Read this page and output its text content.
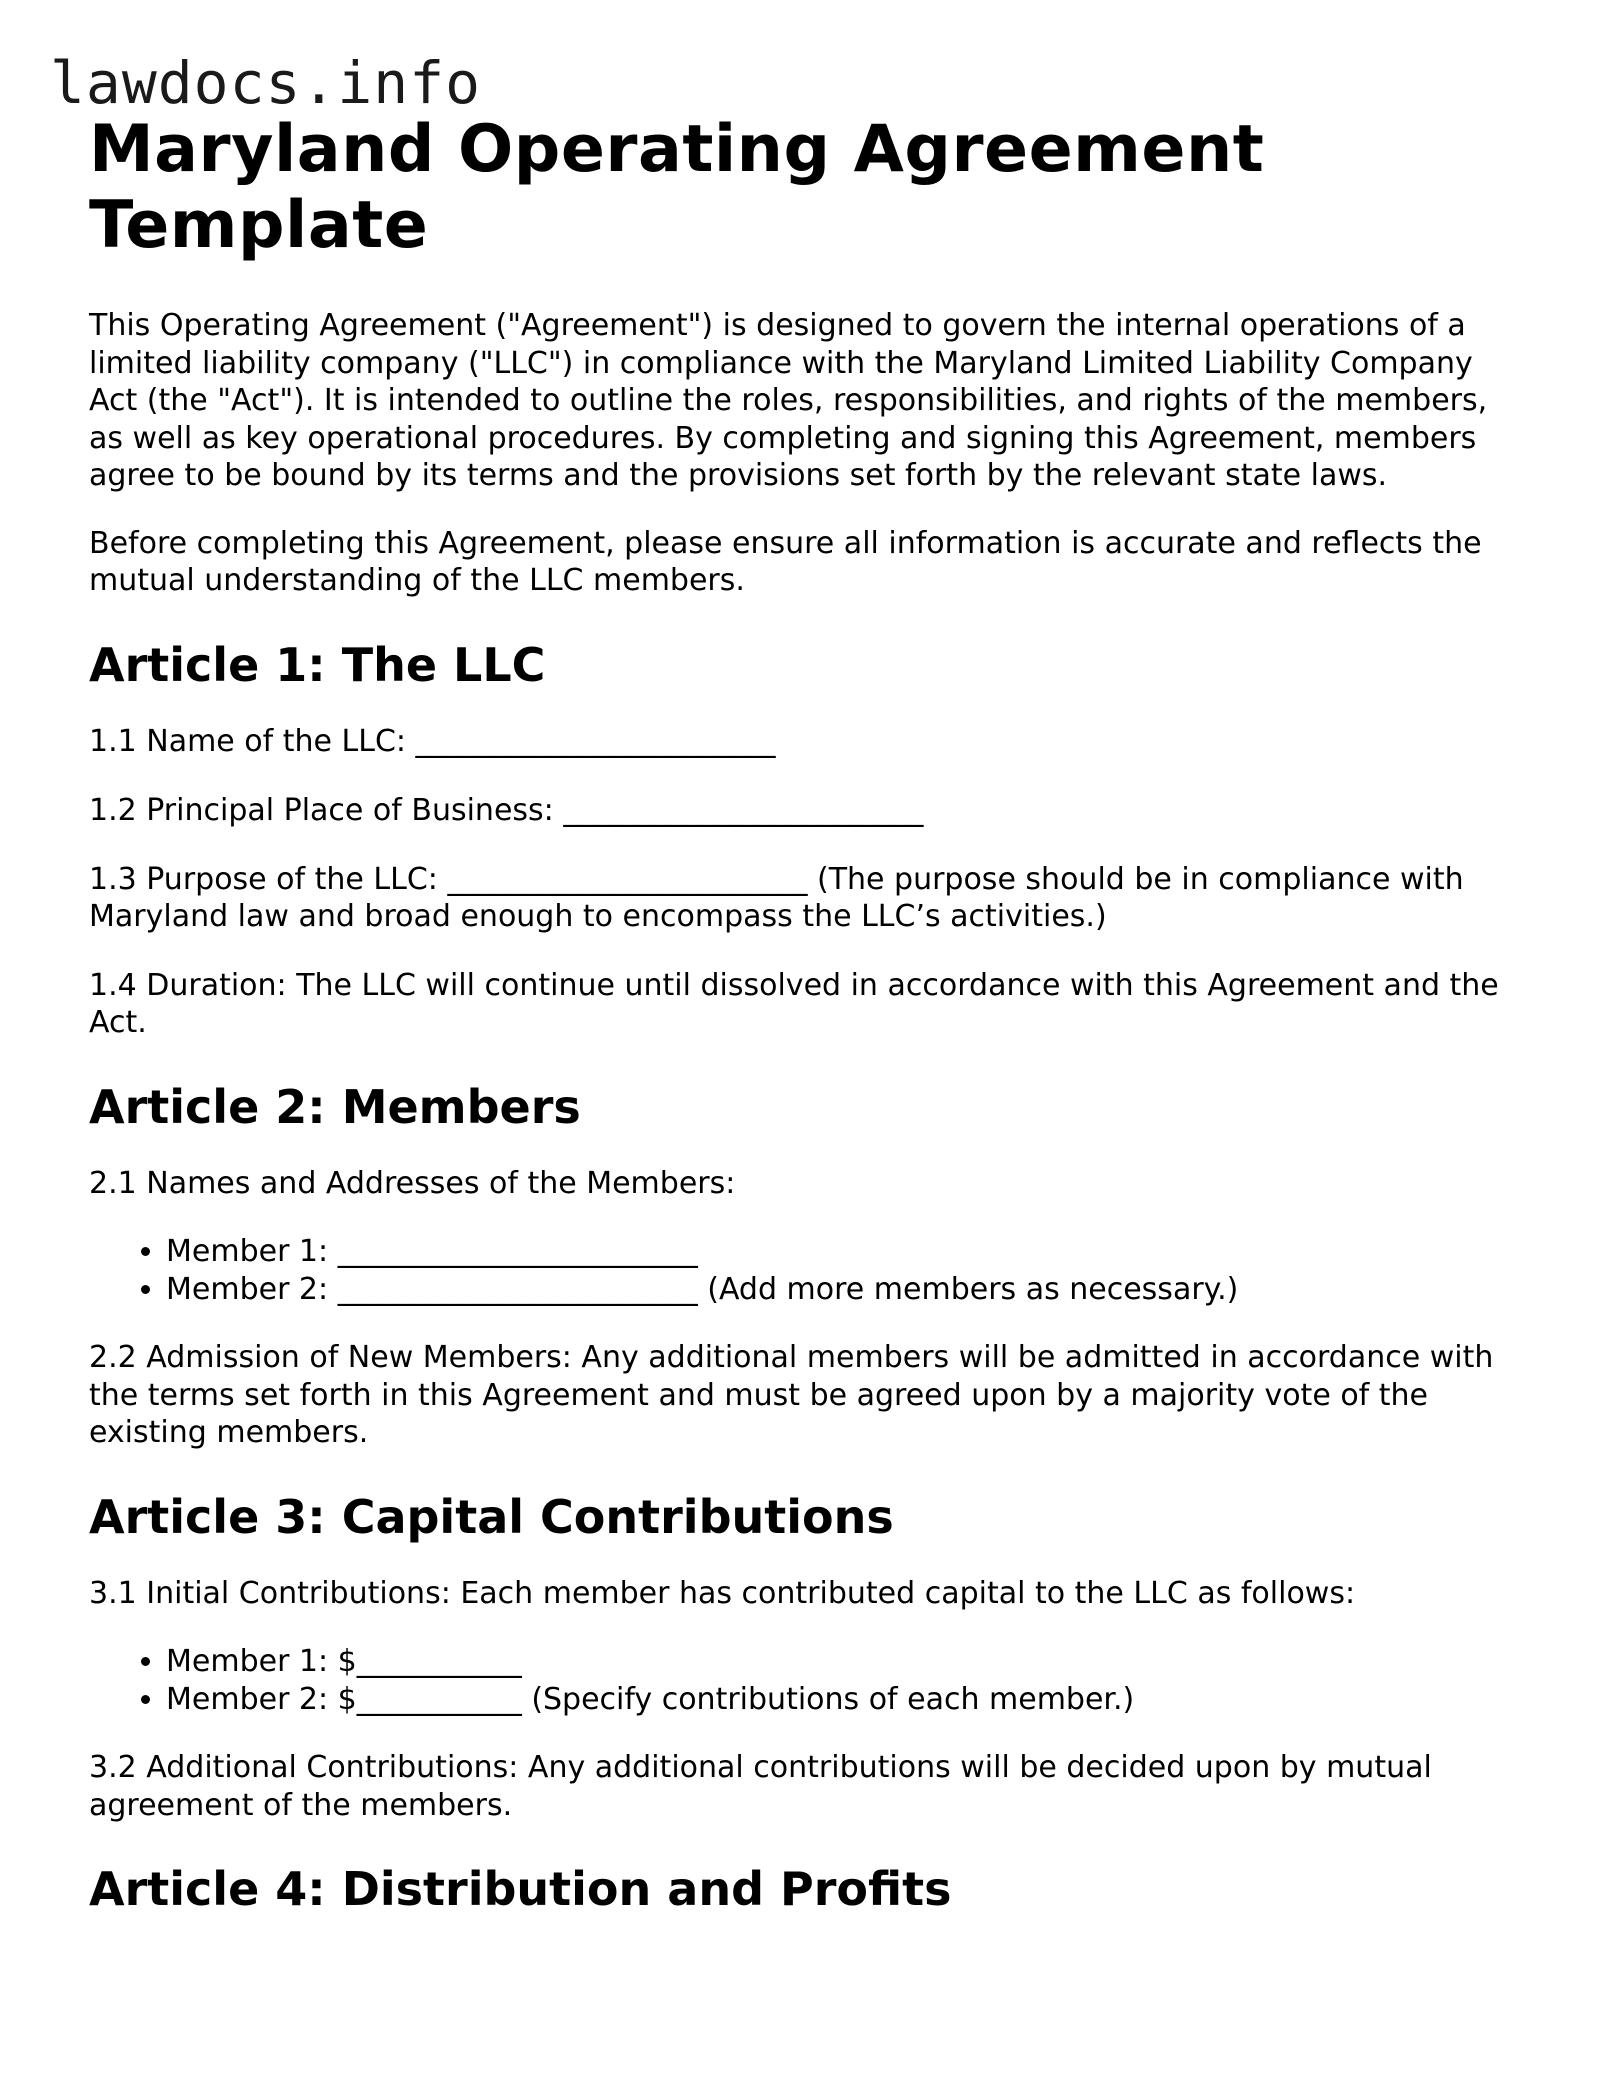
lawdocs.info
Maryland Operating Agreement Template

This Operating Agreement ("Agreement") is designed to govern the internal operations of a limited liability company ("LLC") in compliance with the Maryland Limited Liability Company Act (the "Act"). It is intended to outline the roles, responsibilities, and rights of the members, as well as key operational procedures. By completing and signing this Agreement, members agree to be bound by its terms and the provisions set forth by the relevant state laws.

Before completing this Agreement, please ensure all information is accurate and reflects the mutual understanding of the LLC members.

Article 1: The LLC

1.1 Name of the LLC: ________________________

1.2 Principal Place of Business: ________________________

1.3 Purpose of the LLC: ________________________ (The purpose should be in compliance with Maryland law and broad enough to encompass the LLC’s activities.)

1.4 Duration: The LLC will continue until dissolved in accordance with this Agreement and the Act.

Article 2: Members

2.1 Names and Addresses of the Members:

• Member 1: ________________________
• Member 2: ________________________ (Add more members as necessary.)

2.2 Admission of New Members: Any additional members will be admitted in accordance with the terms set forth in this Agreement and must be agreed upon by a majority vote of the existing members.

Article 3: Capital Contributions

3.1 Initial Contributions: Each member has contributed capital to the LLC as follows:

• Member 1: $___________
• Member 2: $___________ (Specify contributions of each member.)

3.2 Additional Contributions: Any additional contributions will be decided upon by mutual agreement of the members.

Article 4: Distribution and Profits
